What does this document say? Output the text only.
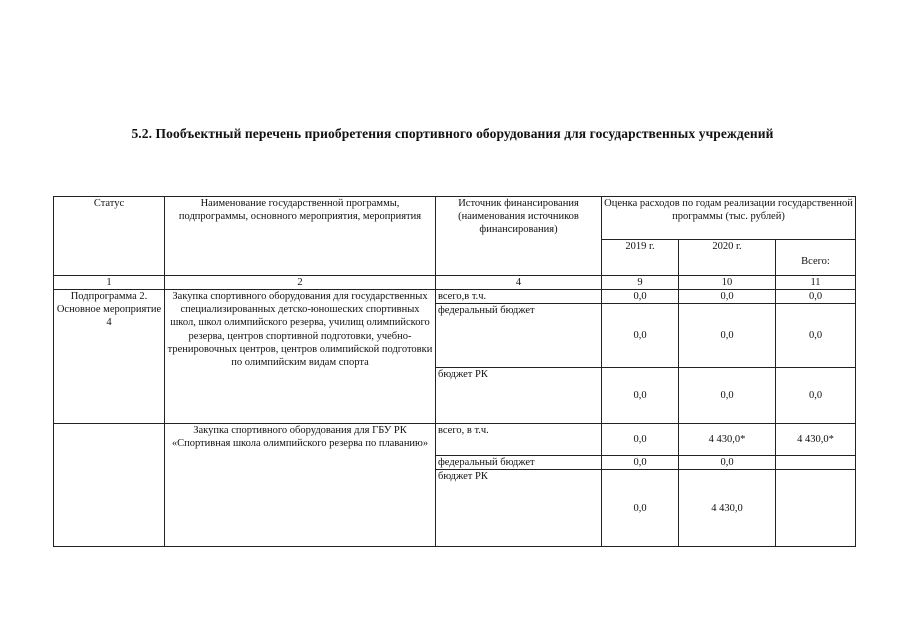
5.2. Пообъектный перечень приобретения спортивного оборудования для государственных учреждений
Статус	Наименование государственной программы, подпрограммы, основного мероприятия, мероприятия	Источник финансирования (наименования источников финансирования)	Оценка расходов по годам реализации государственной программы (тыс. рублей)		
			2019 г.	2020 г.	Всего:
1	2	4	9	10	11
Подпрограмма 2. Основное мероприятие 4	Закупка спортивного оборудования для государственных специализированных детско-юношеских спортивных школ, школ олимпийского резерва, училищ олимпийского резерва, центров спортивной подготовки, учебно-тренировочных центров, центров олимпийской подготовки по олимпийским видам спорта	всего,в т.ч.	0,0	0,0	0,0
		федеральный бюджет	0,0	0,0	0,0
		бюджет РК	0,0	0,0	0,0
	Закупка спортивного оборудования для ГБУ РК «Спортивная школа олимпийского резерва по плаванию»	всего, в т.ч.	0,0	4 430,0*	4 430,0*
		федеральный бюджет	0,0	0,0	
		бюджет РК	0,0	4 430,0	
